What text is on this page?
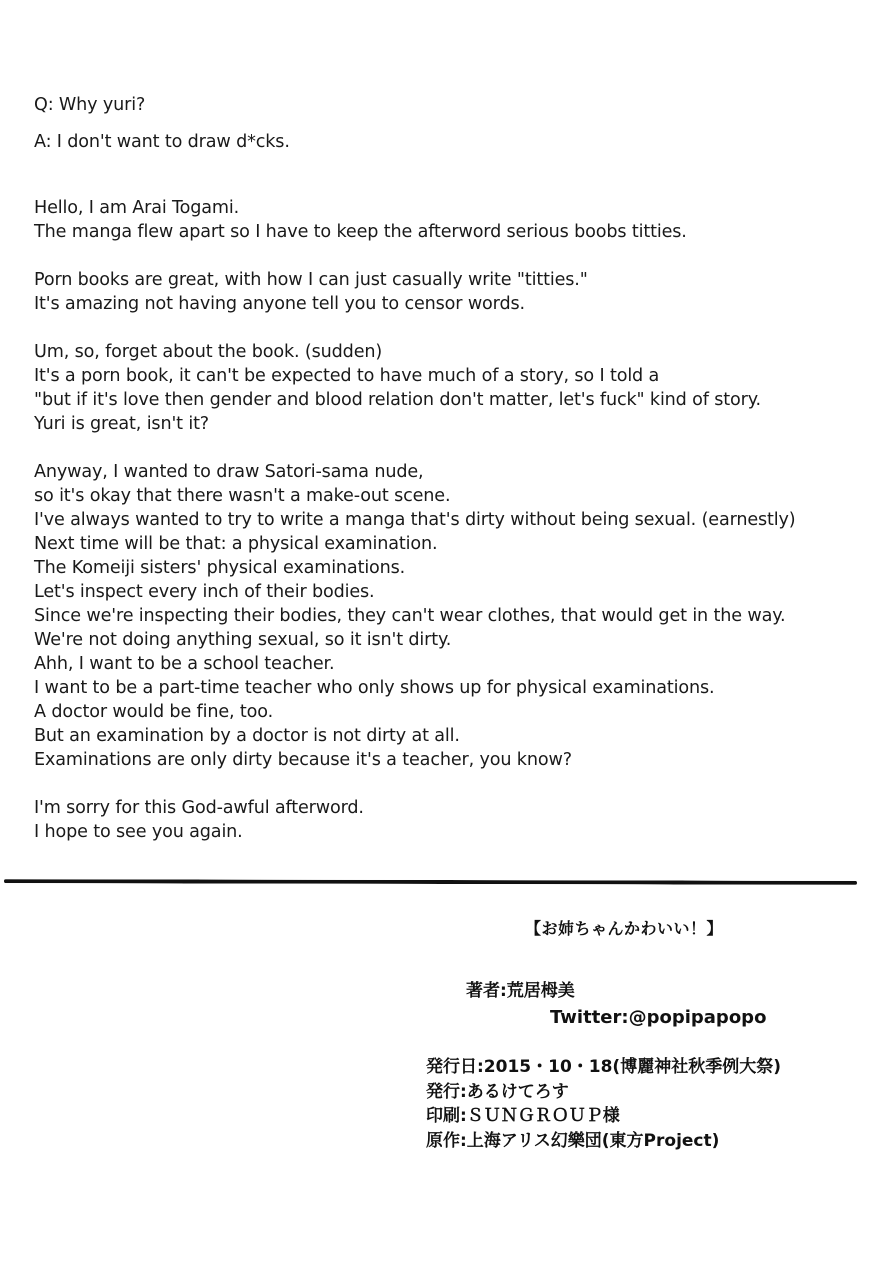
Q: Why yuri?
A: I don't want to draw d*cks.
Hello, I am Arai Togami.
The manga flew apart so I have to keep the afterword serious boobs titties.
Porn books are great, with how I can just casually write "titties."
It's amazing not having anyone tell you to censor words.
Um, so, forget about the book. (sudden)
It's a porn book, it can't be expected to have much of a story, so I told a
"but if it's love then gender and blood relation don't matter, let's fuck" kind of story.
Yuri is great, isn't it?
Anyway, I wanted to draw Satori-sama nude,
so it's okay that there wasn't a make-out scene.
I've always wanted to try to write a manga that's dirty without being sexual. (earnestly)
Next time will be that: a physical examination.
The Komeiji sisters' physical examinations.
Let's inspect every inch of their bodies.
Since we're inspecting their bodies, they can't wear clothes, that would get in the way.
We're not doing anything sexual, so it isn't dirty.
Ahh, I want to be a school teacher.
I want to be a part-time teacher who only shows up for physical examinations.
A doctor would be fine, too.
But an examination by a doctor is not dirty at all.
Examinations are only dirty because it's a teacher, you know?
I'm sorry for this God-awful afterword.
I hope to see you again.
【お姉ちゃんかわいい！】
著者:荒居栂美
Twitter:@popipapopo
発行日:2015・10・18(博麗神社秋季例大祭)
発行:あるけてろす
印刷:ＳＵＮＧＲＯＵＰ様
原作:上海アリス幻樂団(東方Project)
